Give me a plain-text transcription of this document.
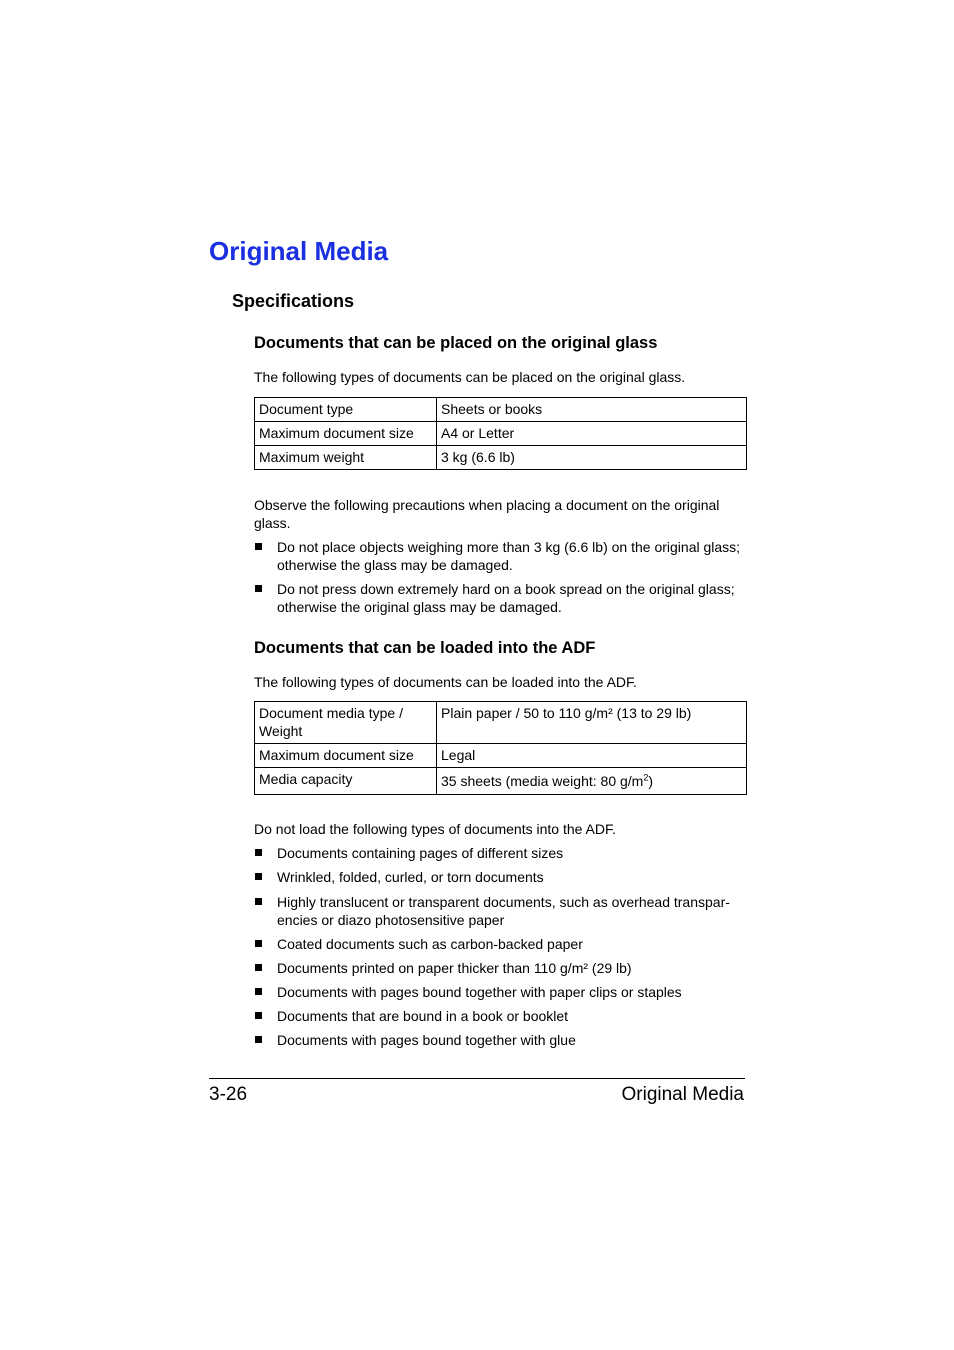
Original Media
Specifications
Documents that can be placed on the original glass

The following types of documents can be placed on the original glass.

Document type	Sheets or books
Maximum document size	A4 or Letter
Maximum weight	3 kg (6.6 lb)

Observe the following precautions when placing a document on the original glass.

Do not place objects weighing more than 3 kg (6.6 lb) on the original glass; otherwise the glass may be damaged.
Do not press down extremely hard on a book spread on the original glass; otherwise the original glass may be damaged.
Documents that can be loaded into the ADF

The following types of documents can be loaded into the ADF.

Document media type / Weight	Plain paper / 50 to 110 g/m² (13 to 29 lb)
Maximum document size	Legal
Media capacity	35 sheets (media weight: 80 $g/m^2$)

Do not load the following types of documents into the ADF.

Documents containing pages of different sizes
Wrinkled, folded, curled, or torn documents
Highly translucent or transparent documents, such as overhead transpar- encies or diazo photosensitive paper
Coated documents such as carbon-backed paper
Documents printed on paper thicker than 110 g/m² (29 lb)
Documents with pages bound together with paper clips or staples
Documents that are bound in a book or booklet
Documents with pages bound together with glue
3-26	Original Media
